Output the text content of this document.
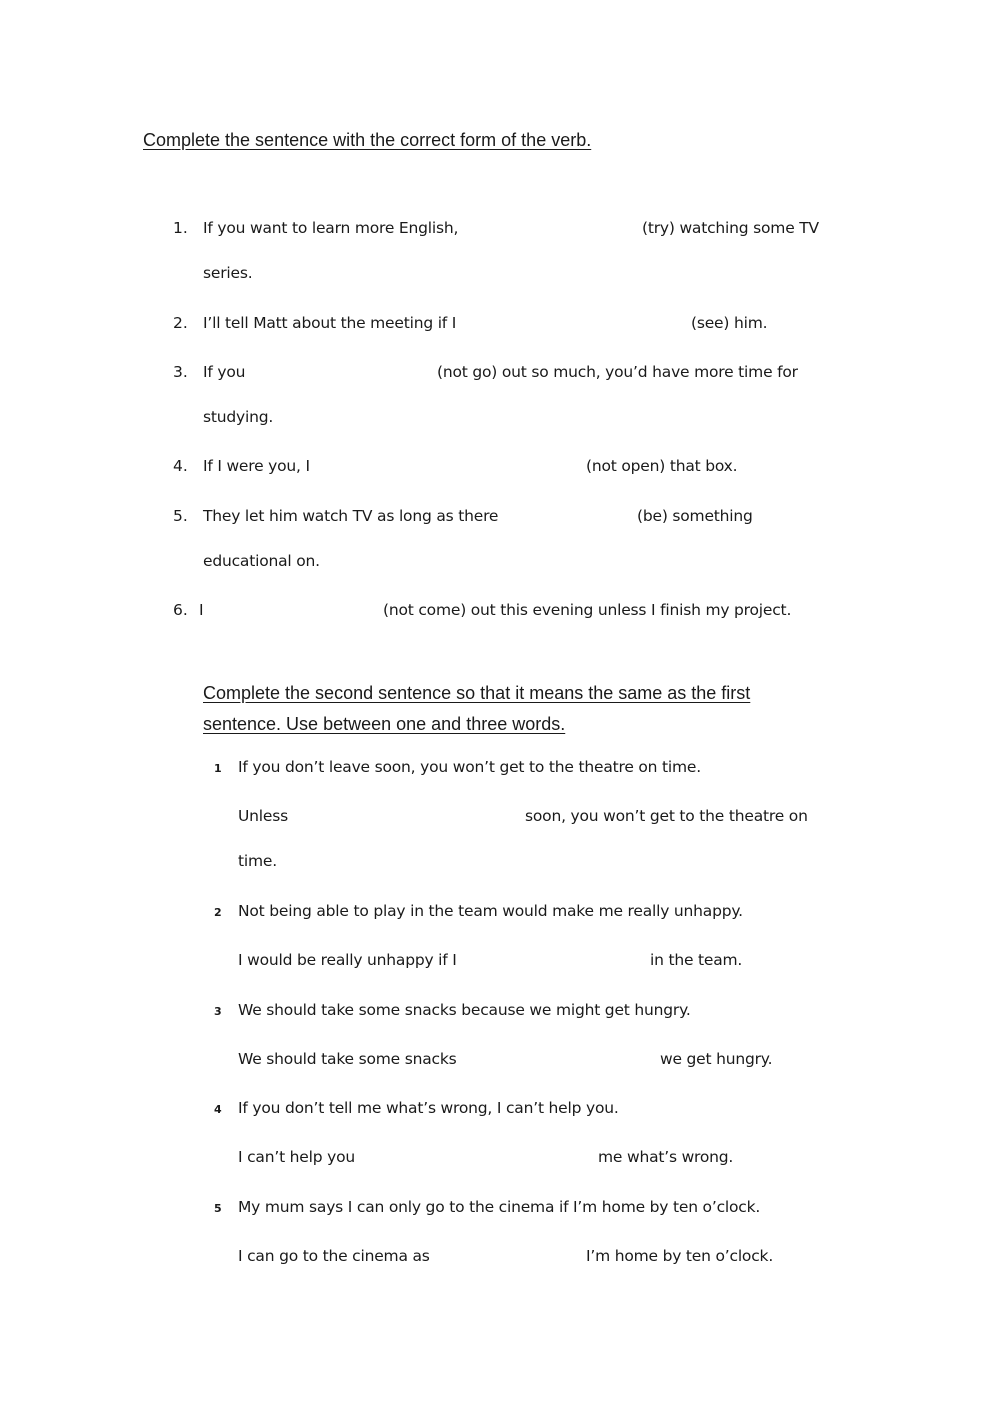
Complete the sentence with the correct form of the verb.
1. If you want to learn more English,	(try) watching some TV
series.
2. I’ll tell Matt about the meeting if I	(see) him.
3. If you	(not go) out so much, you’d have more time for
studying.
4. If I were you, I	(not open) that box.
5. They let him watch TV as long as there	(be) something
educational on.
6. I	(not come) out this evening unless I finish my project.
Complete the second sentence so that it means the same as the first
sentence. Use between one and three words.
1 If you don’t leave soon, you won’t get to the theatre on time.
Unless	soon, you won’t get to the theatre on
time.
2 Not being able to play in the team would make me really unhappy.
I would be really unhappy if I	in the team.
3 We should take some snacks because we might get hungry.
We should take some snacks	we get hungry.
4 If you don’t tell me what’s wrong, I can’t help you.
I can’t help you	me what’s wrong.
5 My mum says I can only go to the cinema if I’m home by ten o’clock.
I can go to the cinema as	I’m home by ten o’clock.
